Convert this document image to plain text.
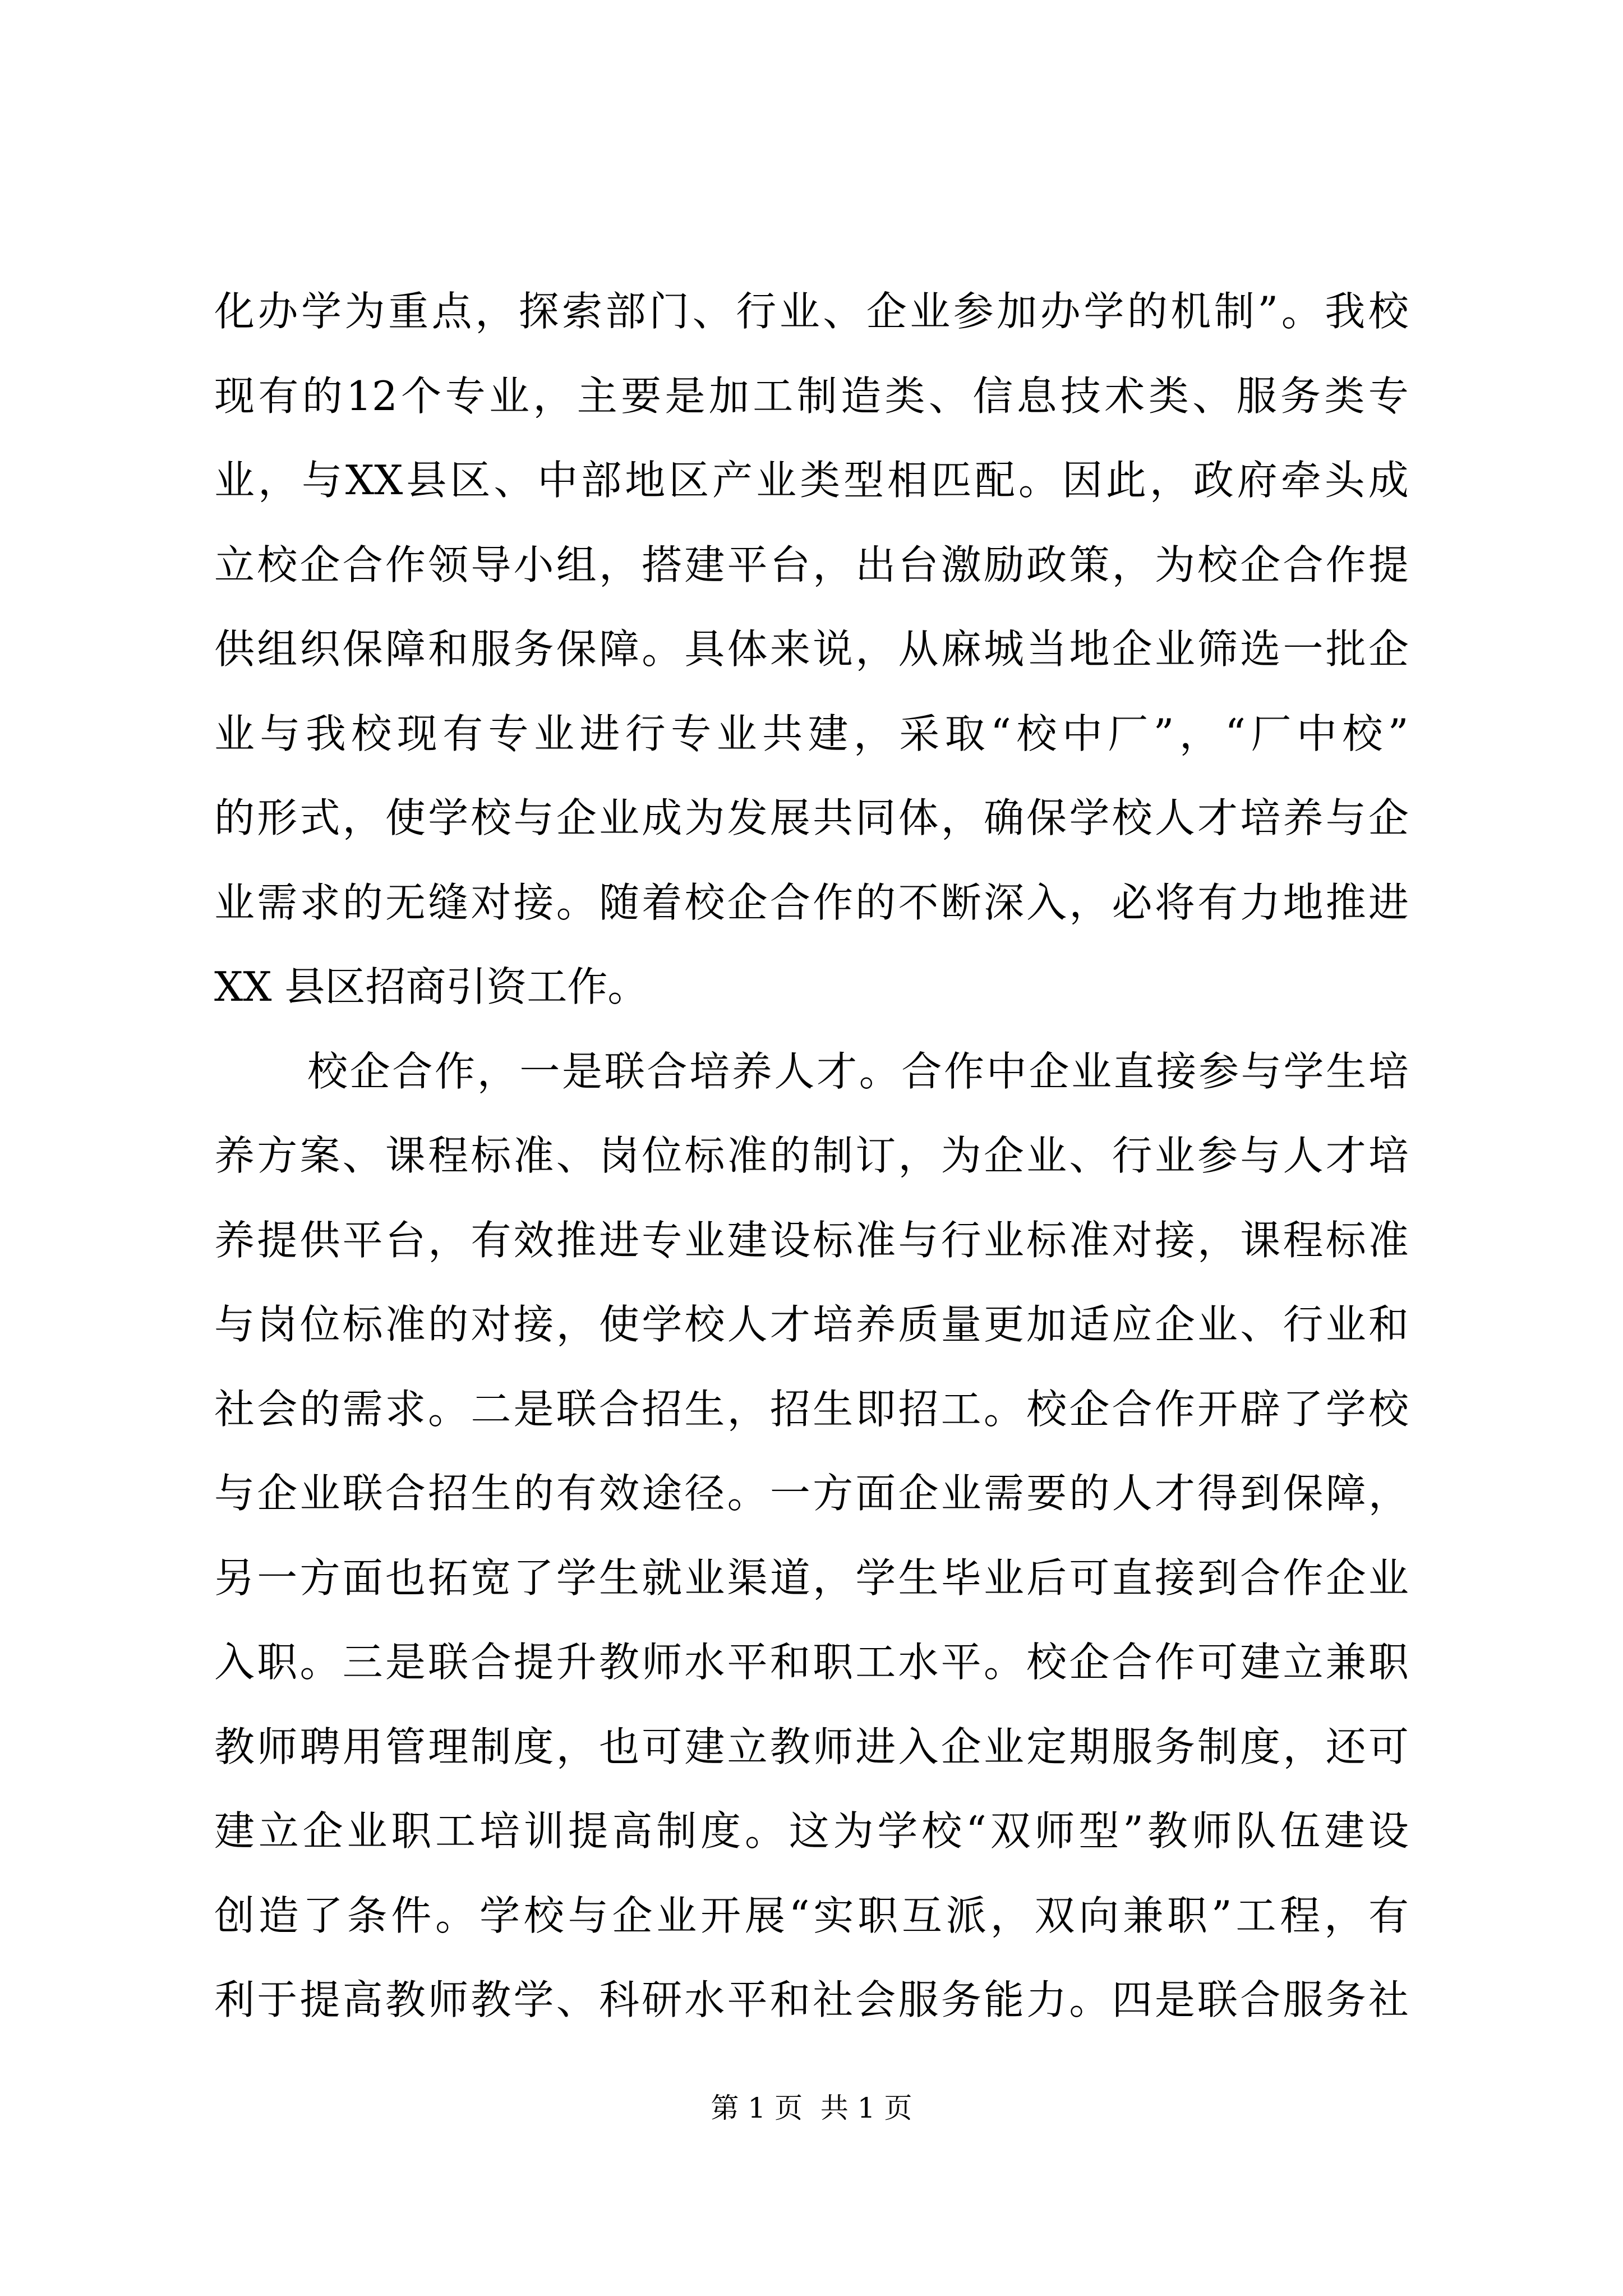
化 办 学 为 重 点 ， 探 索 部 门 、 行 业 、 企 业 参 加 办 学 的 机 制 ” 。 我 校
现 有 的 12 个 专 业 ， 主 要 是 加 工 制 造 类 、 信 息 技 术 类 、 服 务 类 专
业 ， 与 XX 县 区 、 中 部 地 区 产 业 类 型 相 匹 配 。 因 此 ， 政 府 牵 头 成
立 校 企 合 作 领 导 小 组 ， 搭 建 平 台 ， 出 台 激 励 政 策 ， 为 校 企 合 作 提
供 组 织 保 障 和 服 务 保 障 。 具 体 来 说 ， 从 麻 城 当 地 企 业 筛 选 一 批 企
业 与 我 校 现 有 专 业 进 行 专 业 共 建 ， 采 取 “ 校 中 厂 ” ， “ 厂 中 校 ”
的 形 式 ， 使 学 校 与 企 业 成 为 发 展 共 同 体 ， 确 保 学 校 人 才 培 养 与 企
业 需 求 的 无 缝 对 接 。 随 着 校 企 合 作 的 不 断 深 入 ， 必 将 有 力 地 推 进
XX 县区招商引资工作。
校 企 合 作 ， 一 是 联 合 培 养 人 才 。 合 作 中 企 业 直 接 参 与 学 生 培
养 方 案 、 课 程 标 准 、 岗 位 标 准 的 制 订 ， 为 企 业 、 行 业 参 与 人 才 培
养 提 供 平 台 ， 有 效 推 进 专 业 建 设 标 准 与 行 业 标 准 对 接 ， 课 程 标 准
与 岗 位 标 准 的 对 接 ， 使 学 校 人 才 培 养 质 量 更 加 适 应 企 业 、 行 业 和
社 会 的 需 求 。 二 是 联 合 招 生 ， 招 生 即 招 工 。 校 企 合 作 开 辟 了 学 校
与 企 业 联 合 招 生 的 有 效 途 径 。 一 方 面 企 业 需 要 的 人 才 得 到 保 障 ，
另 一 方 面 也 拓 宽 了 学 生 就 业 渠 道 ， 学 生 毕 业 后 可 直 接 到 合 作 企 业
入 职 。 三 是 联 合 提 升 教 师 水 平 和 职 工 水 平 。 校 企 合 作 可 建 立 兼 职
教 师 聘 用 管 理 制 度 ， 也 可 建 立 教 师 进 入 企 业 定 期 服 务 制 度 ， 还 可
建 立 企 业 职 工 培 训 提 高 制 度 。 这 为 学 校 “ 双 师 型 ” 教 师 队 伍 建 设
创 造 了 条 件 。 学 校 与 企 业 开 展 “ 实 职 互 派 ， 双 向 兼 职 ” 工 程 ， 有
利 于 提 高 教 师 教 学 、 科 研 水 平 和 社 会 服 务 能 力 。 四 是 联 合 服 务 社
第 1 页  共 1 页
